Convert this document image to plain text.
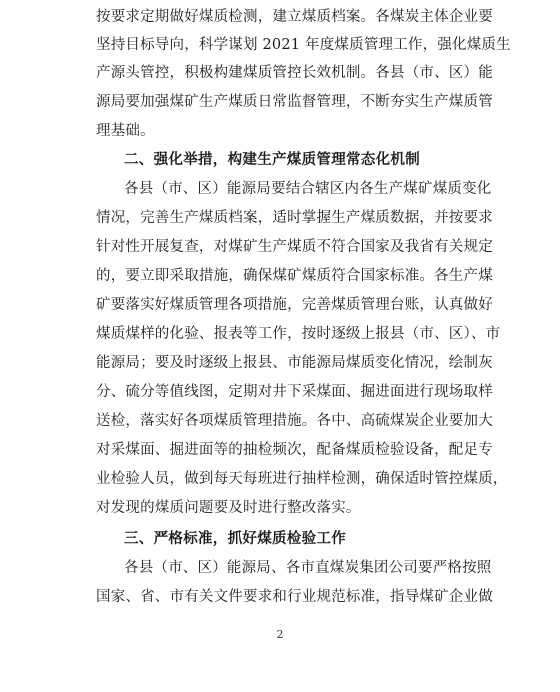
按要求定期做好煤质检测，建立煤质档案。各煤炭主体企业要
坚持目标导向，科学谋划 2021 年度煤质管理工作，强化煤质生
产源头管控，积极构建煤质管控长效机制。各县（市、区）能
源局要加强煤矿生产煤质日常监督管理，不断夯实生产煤质管
理基础。
二、强化举措，构建生产煤质管理常态化机制
各县（市、区）能源局要结合辖区内各生产煤矿煤质变化
情况，完善生产煤质档案，适时掌握生产煤质数据，并按要求
针对性开展复查，对煤矿生产煤质不符合国家及我省有关规定
的，要立即采取措施，确保煤矿煤质符合国家标准。各生产煤
矿要落实好煤质管理各项措施，完善煤质管理台账，认真做好
煤质煤样的化验、报表等工作，按时逐级上报县（市、区）、市
能源局；要及时逐级上报县、市能源局煤质变化情况，绘制灰
分、硫分等值线图，定期对井下采煤面、掘进面进行现场取样
送检，落实好各项煤质管理措施。各中、高硫煤炭企业要加大
对采煤面、掘进面等的抽检频次，配备煤质检验设备，配足专
业检验人员，做到每天每班进行抽样检测，确保适时管控煤质，
对发现的煤质问题要及时进行整改落实。
三、严格标准，抓好煤质检验工作
各县（市、区）能源局、各市直煤炭集团公司要严格按照
国家、省、市有关文件要求和行业规范标准，指导煤矿企业做
2
